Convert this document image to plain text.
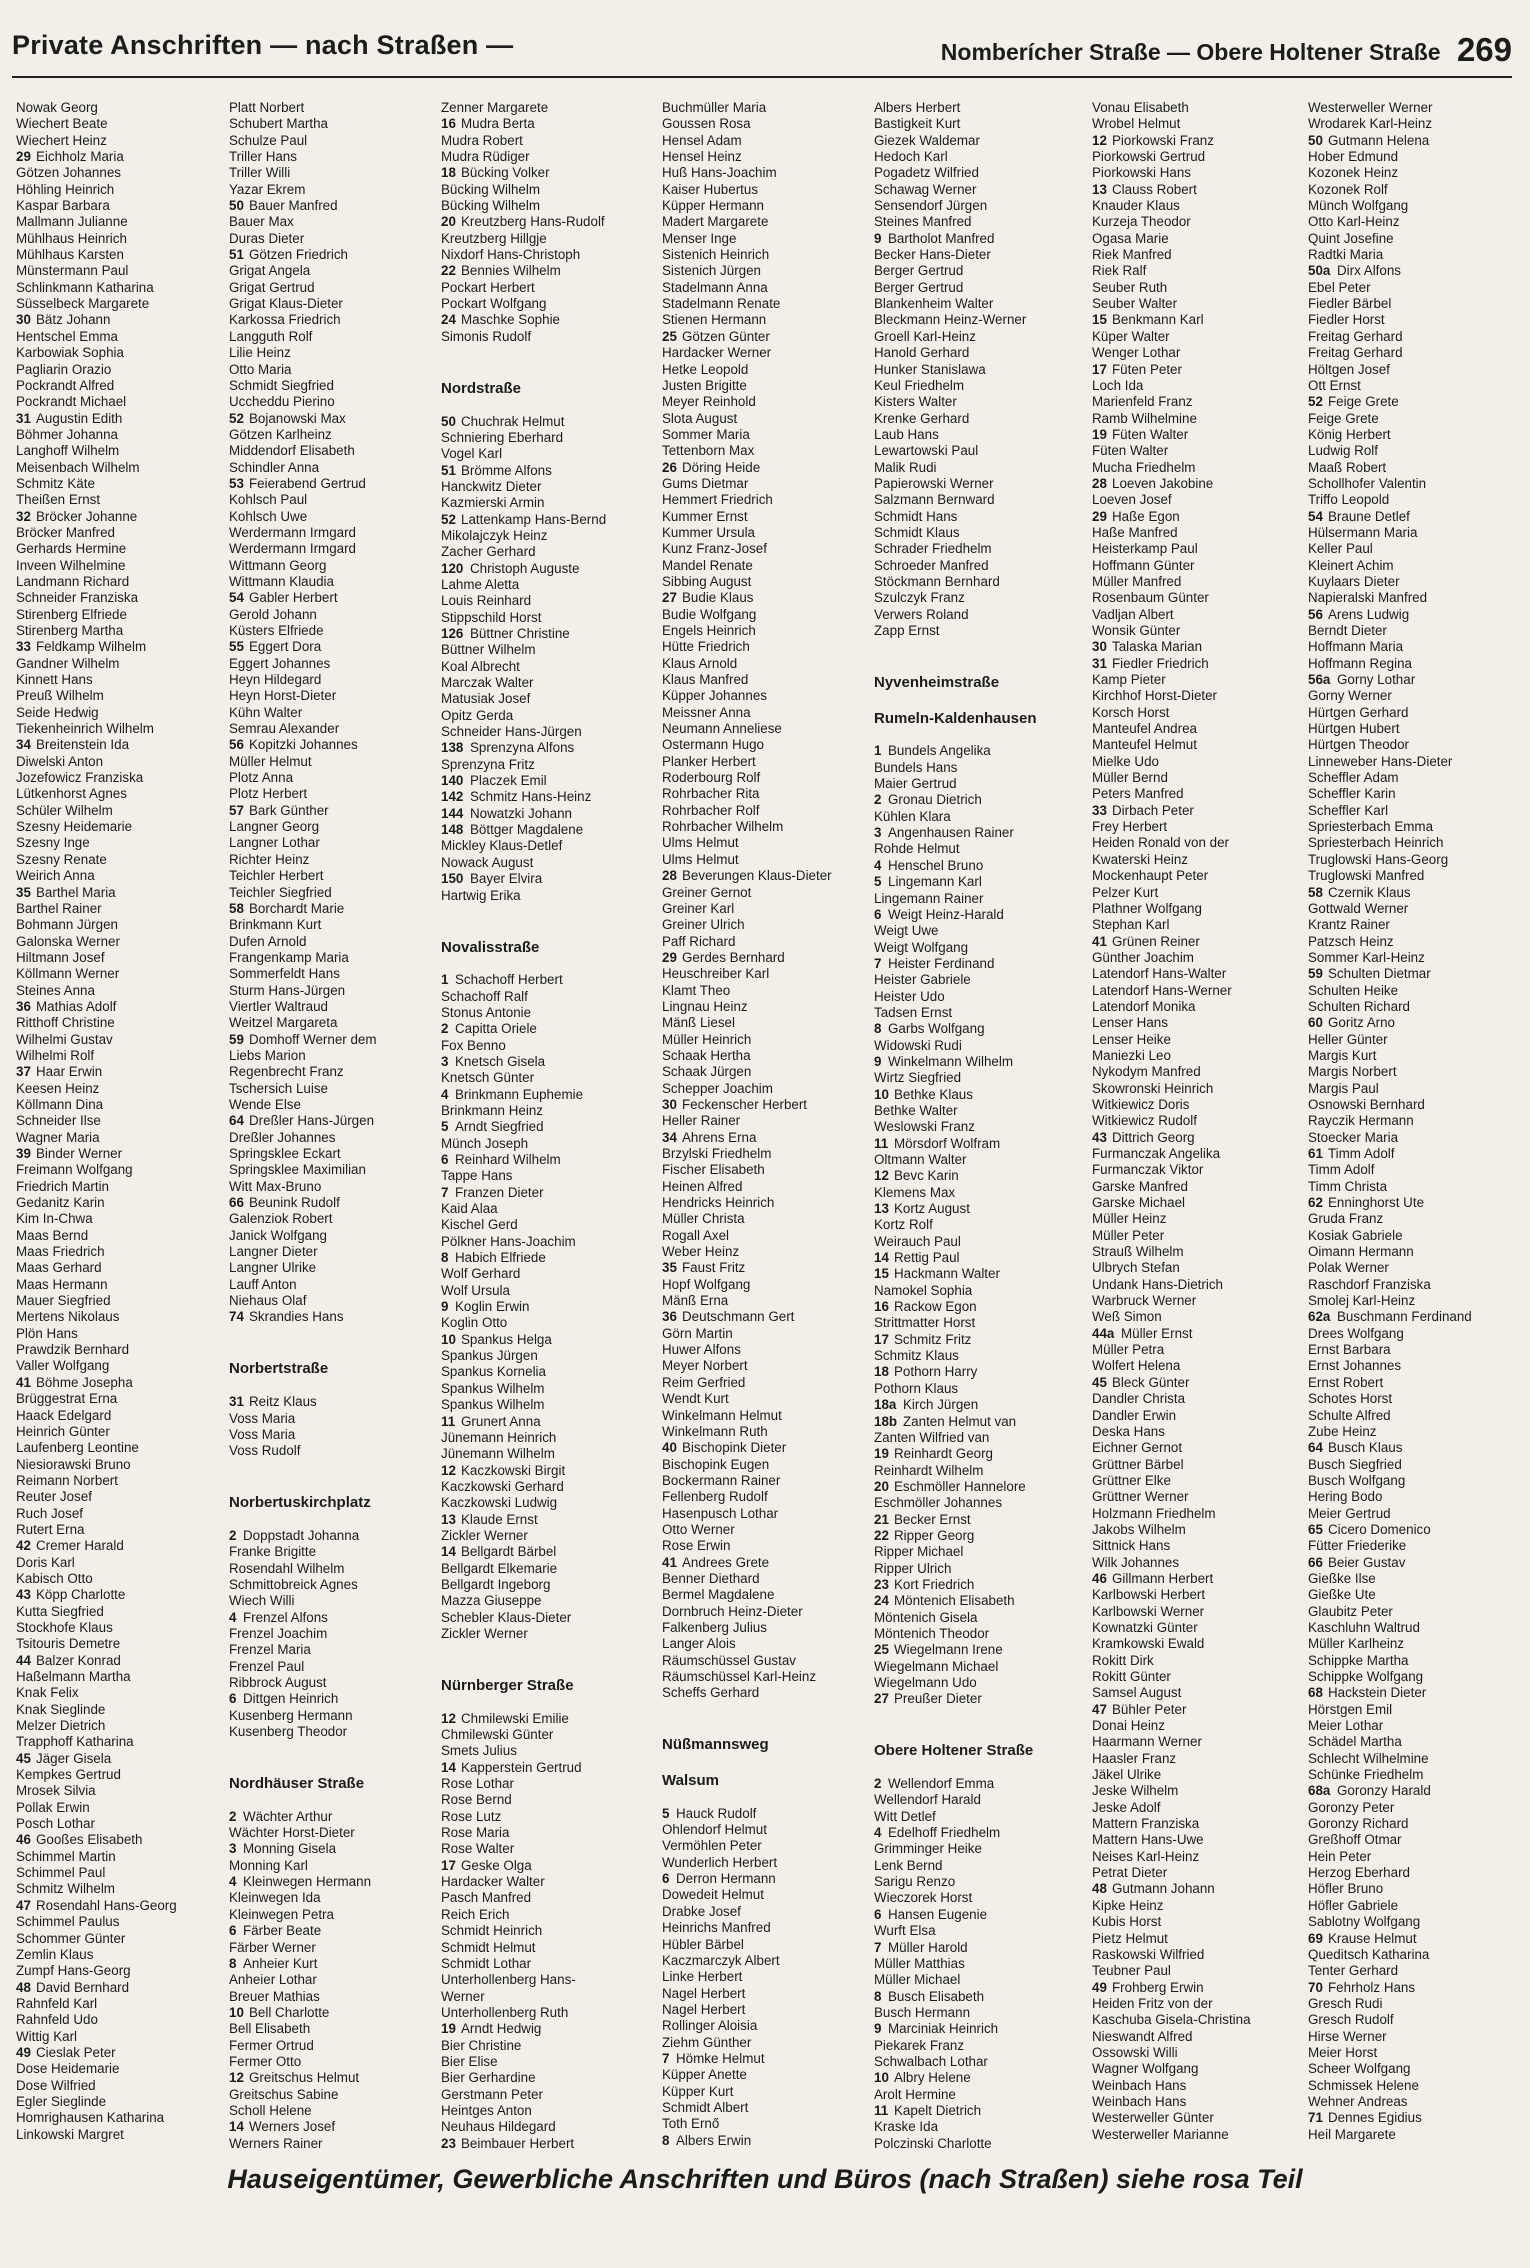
Private Anschriften — nach Straßen —	Nomberícher Straße — Obere Holtener Straße 269
Nowak Georg
Wiechert Beate
Wiechert Heinz
29 Eichholz Maria
Götzen Johannes
Höhling Heinrich
Kaspar Barbara
Mallmann Julianne
Mühlhaus Heinrich
Mühlhaus Karsten
Münstermann Paul
Schlinkmann Katharina
Süsselbeck Margarete
30 Bätz Johann
Hentschel Emma
Karbowiak Sophia
Pagliarin Orazio
Pockrandt Alfred
Pockrandt Michael
31 Augustin Edith
Böhmer Johanna
Langhoff Wilhelm
Meisenbach Wilhelm
Schmitz Käte
Theißen Ernst
32 Bröcker Johanne
Bröcker Manfred
Gerhards Hermine
Inveen Wilhelmine
Landmann Richard
Schneider Franziska
Stirenberg Elfriede
Stirenberg Martha
33 Feldkamp Wilhelm
Gandner Wilhelm
Kinnett Hans
Preuß Wilhelm
Seide Hedwig
Tiekenheinrich Wilhelm
34 Breitenstein Ida
Diwelski Anton
Jozefowicz Franziska
Lütkenhorst Agnes
Schüler Wilhelm
Szesny Heidemarie
Szesny Inge
Szesny Renate
Weirich Anna
35 Barthel Maria
Barthel Rainer
Bohmann Jürgen
Galonska Werner
Hiltmann Josef
Köllmann Werner
Steines Anna
36 Mathias Adolf
Ritthoff Christine
Wilhelmi Gustav
Wilhelmi Rolf
37 Haar Erwin
Keesen Heinz
Köllmann Dina
Schneider Ilse
Wagner Maria
39 Binder Werner
Freimann Wolfgang
Friedrich Martin
Gedanitz Karin
Kim In-Chwa
Maas Bernd
Maas Friedrich
Maas Gerhard
Maas Hermann
Mauer Siegfried
Mertens Nikolaus
Plön Hans
Prawdzik Bernhard
Valler Wolfgang
41 Böhme Josepha
Brüggestrat Erna
Haack Edelgard
Heinrich Günter
Laufenberg Leontine
Niesiorawski Bruno
Reimann Norbert
Reuter Josef
Ruch Josef
Rutert Erna
42 Cremer Harald
Doris Karl
Kabisch Otto
43 Köpp Charlotte
Kutta Siegfried
Stockhofe Klaus
Tsitouris Demetre
44 Balzer Konrad
Haßelmann Martha
Knak Felix
Knak Sieglinde
Melzer Dietrich
Trapphoff Katharina
45 Jäger Gisela
Kempkes Gertrud
Mrosek Silvia
Pollak Erwin
Posch Lothar
46 Gooßes Elisabeth
Schimmel Martin
Schimmel Paul
Schmitz Wilhelm
47 Rosendahl Hans-Georg
Schimmel Paulus
Schommer Günter
Zemlin Klaus
Zumpf Hans-Georg
48 David Bernhard
Rahnfeld Karl
Rahnfeld Udo
Wittig Karl
49 Cieslak Peter
Dose Heidemarie
Dose Wilfried
Egler Sieglinde
Homrighausen Katharina
Linkowski Margret
Platt Norbert
Schubert Martha
Schulze Paul
Triller Hans
Triller Willi
Yazar Ekrem
50 Bauer Manfred
Bauer Max
Duras Dieter
51 Götzen Friedrich
Grigat Angela
Grigat Gertrud
Grigat Klaus-Dieter
Karkossa Friedrich
Langguth Rolf
Lilie Heinz
Otto Maria
Schmidt Siegfried
Uccheddu Pierino
52 Bojanowski Max
Götzen Karlheinz
Middendorf Elisabeth
Schindler Anna
53 Feierabend Gertrud
Kohlsch Paul
Kohlsch Uwe
Werdermann Irmgard
Werdermann Irmgard
Wittmann Georg
Wittmann Klaudia
54 Gabler Herbert
Gerold Johann
Küsters Elfriede
55 Eggert Dora
Eggert Johannes
Heyn Hildegard
Heyn Horst-Dieter
Kühn Walter
Semrau Alexander
56 Kopitzki Johannes
Müller Helmut
Plotz Anna
Plotz Herbert
57 Bark Günther
Langner Georg
Langner Lothar
Richter Heinz
Teichler Herbert
Teichler Siegfried
58 Borchardt Marie
Brinkmann Kurt
Dufen Arnold
Frangenkamp Maria
Sommerfeldt Hans
Sturm Hans-Jürgen
Viertler Waltraud
Weitzel Margareta
59 Domhoff Werner dem
Liebs Marion
Regenbrecht Franz
Tschersich Luise
Wende Else
64 Dreßler Hans-Jürgen
Dreßler Johannes
Springsklee Eckart
Springsklee Maximilian
Witt Max-Bruno
66 Beunink Rudolf
Galenziok Robert
Janick Wolfgang
Langner Dieter
Langner Ulrike
Lauff Anton
Niehaus Olaf
74 Skrandies Hans
Norbertstraße
31 Reitz Klaus
Voss Maria
Voss Maria
Voss Rudolf
Norbertuskirchplatz
2 Doppstadt Johanna
Franke Brigitte
Rosendahl Wilhelm
Schmittobreick Agnes
Wiech Willi
4 Frenzel Alfons
Frenzel Joachim
Frenzel Maria
Frenzel Paul
Ribbrock August
6 Dittgen Heinrich
Kusenberg Hermann
Kusenberg Theodor
Nordhäuser Straße
2 Wächter Arthur
Wächter Horst-Dieter
3 Monning Gisela
Monning Karl
4 Kleinwegen Hermann
Kleinwegen Ida
Kleinwegen Petra
6 Färber Beate
Färber Werner
8 Anheier Kurt
Anheier Lothar
Breuer Mathias
10 Bell Charlotte
Bell Elisabeth
Fermer Ortrud
Fermer Otto
12 Greitschus Helmut
Greitschus Sabine
Scholl Helene
14 Werners Josef
Werners Rainer
Zenner Margarete
16 Mudra Berta
Mudra Robert
Mudra Rüdiger
18 Bücking Volker
Bücking Wilhelm
Bücking Wilhelm
20 Kreutzberg Hans-Rudolf
Kreutzberg Hillgje
Nixdorf Hans-Christoph
22 Bennies Wilhelm
Pockart Herbert
Pockart Wolfgang
24 Maschke Sophie
Simonis Rudolf
Nordstraße
50 Chuchrak Helmut
Schniering Eberhard
Vogel Karl
51 Brömme Alfons
Hanckwitz Dieter
Kazmierski Armin
52 Lattenkamp Hans-Bernd
Mikolajczyk Heinz
Zacher Gerhard
120 Christoph Auguste
Lahme Aletta
Louis Reinhard
Stippschild Horst
126 Büttner Christine
Büttner Wilhelm
Koal Albrecht
Marczak Walter
Matusiak Josef
Opitz Gerda
Schneider Hans-Jürgen
138 Sprenzyna Alfons
Sprenzyna Fritz
140 Placzek Emil
142 Schmitz Hans-Heinz
144 Nowatzki Johann
148 Böttger Magdalene
Mickley Klaus-Detlef
Nowack August
150 Bayer Elvira
Hartwig Erika
Novalisstraße
1 Schachoff Herbert
Schachoff Ralf
Stonus Antonie
2 Capitta Oriele
Fox Benno
3 Knetsch Gisela
Knetsch Günter
4 Brinkmann Euphemie
Brinkmann Heinz
5 Arndt Siegfried
Münch Joseph
6 Reinhard Wilhelm
Tappe Hans
7 Franzen Dieter
Kaid Alaa
Kischel Gerd
Pölkner Hans-Joachim
8 Habich Elfriede
Wolf Gerhard
Wolf Ursula
9 Koglin Erwin
Koglin Otto
10 Spankus Helga
Spankus Jürgen
Spankus Kornelia
Spankus Wilhelm
Spankus Wilhelm
11 Grunert Anna
Jünemann Heinrich
Jünemann Wilhelm
12 Kaczkowski Birgit
Kaczkowski Gerhard
Kaczkowski Ludwig
13 Klaude Ernst
Zickler Werner
14 Bellgardt Bärbel
Bellgardt Elkemarie
Bellgardt Ingeborg
Mazza Giuseppe
Schebler Klaus-Dieter
Zickler Werner
Nürnberger Straße
12 Chmilewski Emilie
Chmilewski Günter
Smets Julius
14 Kapperstein Gertrud
Rose Lothar
Rose Bernd
Rose Lutz
Rose Maria
Rose Walter
17 Geske Olga
Hardacker Walter
Pasch Manfred
Reich Erich
Schmidt Heinrich
Schmidt Helmut
Schmidt Lothar
Unterhollenberg Hans-
Werner
Unterhollenberg Ruth
19 Arndt Hedwig
Bier Christine
Bier Elise
Bier Gerhardine
Gerstmann Peter
Heintges Anton
Neuhaus Hildegard
23 Beimbauer Herbert
Buchmüller Maria
Goussen Rosa
Hensel Adam
Hensel Heinz
Huß Hans-Joachim
Kaiser Hubertus
Küpper Hermann
Madert Margarete
Menser Inge
Sistenich Heinrich
Sistenich Jürgen
Stadelmann Anna
Stadelmann Renate
Stienen Hermann
25 Götzen Günter
Hardacker Werner
Hetke Leopold
Justen Brigitte
Meyer Reinhold
Slota August
Sommer Maria
Tettenborn Max
26 Döring Heide
Gums Dietmar
Hemmert Friedrich
Kummer Ernst
Kummer Ursula
Kunz Franz-Josef
Mandel Renate
Sibbing August
27 Budie Klaus
Budie Wolfgang
Engels Heinrich
Hütte Friedrich
Klaus Arnold
Klaus Manfred
Küpper Johannes
Meissner Anna
Neumann Anneliese
Ostermann Hugo
Planker Herbert
Roderbourg Rolf
Rohrbacher Rita
Rohrbacher Rolf
Rohrbacher Wilhelm
Ulms Helmut
Ulms Helmut
28 Beverungen Klaus-Dieter
Greiner Gernot
Greiner Karl
Greiner Ulrich
Paff Richard
29 Gerdes Bernhard
Heuschreiber Karl
Klamt Theo
Lingnau Heinz
Mänß Liesel
Müller Heinrich
Schaak Hertha
Schaak Jürgen
Schepper Joachim
30 Feckenscher Herbert
Heller Rainer
34 Ahrens Erna
Brzylski Friedhelm
Fischer Elisabeth
Heinen Alfred
Hendricks Heinrich
Müller Christa
Rogall Axel
Weber Heinz
35 Faust Fritz
Hopf Wolfgang
Mänß Erna
36 Deutschmann Gert
Görn Martin
Huwer Alfons
Meyer Norbert
Reim Gerfried
Wendt Kurt
Winkelmann Helmut
Winkelmann Ruth
40 Bischopink Dieter
Bischopink Eugen
Bockermann Rainer
Fellenberg Rudolf
Hasenpusch Lothar
Otto Werner
Rose Erwin
41 Andrees Grete
Benner Diethard
Bermel Magdalene
Dornbruch Heinz-Dieter
Falkenberg Julius
Langer Alois
Räumschüssel Gustav
Räumschüssel Karl-Heinz
Scheffs Gerhard
Nüßmannsweg
Walsum
5 Hauck Rudolf
Ohlendorf Helmut
Vermöhlen Peter
Wunderlich Herbert
6 Derron Hermann
Dowedeit Helmut
Drabke Josef
Heinrichs Manfred
Hübler Bärbel
Kaczmarczyk Albert
Linke Herbert
Nagel Herbert
Nagel Herbert
Rollinger Aloisia
Ziehm Günther
7 Hömke Helmut
Küpper Anette
Küpper Kurt
Schmidt Albert
Toth Ernő
8 Albers Erwin
Albers Herbert
Bastigkeit Kurt
Giezek Waldemar
Hedoch Karl
Pogadetz Wilfried
Schawag Werner
Sensendorf Jürgen
Steines Manfred
9 Bartholot Manfred
Becker Hans-Dieter
Berger Gertrud
Berger Gertrud
Blankenheim Walter
Bleckmann Heinz-Werner
Groell Karl-Heinz
Hanold Gerhard
Hunker Stanislawa
Keul Friedhelm
Kisters Walter
Krenke Gerhard
Laub Hans
Lewartowski Paul
Malik Rudi
Papierowski Werner
Salzmann Bernward
Schmidt Hans
Schmidt Klaus
Schrader Friedhelm
Schroeder Manfred
Stöckmann Bernhard
Szulczyk Franz
Verwers Roland
Zapp Ernst
Nyvenheimstraße
Rumeln-Kaldenhausen
1 Bundels Angelika
Bundels Hans
Maier Gertrud
2 Gronau Dietrich
Kühlen Klara
3 Angenhausen Rainer
Rohde Helmut
4 Henschel Bruno
5 Lingemann Karl
Lingemann Rainer
6 Weigt Heinz-Harald
Weigt Uwe
Weigt Wolfgang
7 Heister Ferdinand
Heister Gabriele
Heister Udo
Tadsen Ernst
8 Garbs Wolfgang
Widowski Rudi
9 Winkelmann Wilhelm
Wirtz Siegfried
10 Bethke Klaus
Bethke Walter
Weslowski Franz
11 Mörsdorf Wolfram
Oltmann Walter
12 Bevc Karin
Klemens Max
13 Kortz August
Kortz Rolf
Weirauch Paul
14 Rettig Paul
15 Hackmann Walter
Namokel Sophia
16 Rackow Egon
Strittmatter Horst
17 Schmitz Fritz
Schmitz Klaus
18 Pothorn Harry
Pothorn Klaus
18a Kirch Jürgen
18b Zanten Helmut van
Zanten Wilfried van
19 Reinhardt Georg
Reinhardt Wilhelm
20 Eschmöller Hannelore
Eschmöller Johannes
21 Becker Ernst
22 Ripper Georg
Ripper Michael
Ripper Ulrich
23 Kort Friedrich
24 Möntenich Elisabeth
Möntenich Gisela
Möntenich Theodor
25 Wiegelmann Irene
Wiegelmann Michael
Wiegelmann Udo
27 Preußer Dieter
Obere Holtener Straße
2 Wellendorf Emma
Wellendorf Harald
Witt Detlef
4 Edelhoff Friedhelm
Grimminger Heike
Lenk Bernd
Sarigu Renzo
Wieczorek Horst
6 Hansen Eugenie
Wurft Elsa
7 Müller Harold
Müller Matthias
Müller Michael
8 Busch Elisabeth
Busch Hermann
9 Marciniak Heinrich
Piekarek Franz
Schwalbach Lothar
10 Albry Helene
Arolt Hermine
11 Kapelt Dietrich
Kraske Ida
Polczinski Charlotte
Vonau Elisabeth
Wrobel Helmut
12 Piorkowski Franz
Piorkowski Gertrud
Piorkowski Hans
13 Clauss Robert
Knauder Klaus
Kurzeja Theodor
Ogasa Marie
Riek Manfred
Riek Ralf
Seuber Ruth
Seuber Walter
15 Benkmann Karl
Küper Walter
Wenger Lothar
17 Füten Peter
Loch Ida
Marienfeld Franz
Ramb Wilhelmine
19 Füten Walter
Füten Walter
Mucha Friedhelm
28 Loeven Jakobine
Loeven Josef
29 Haße Egon
Haße Manfred
Heisterkamp Paul
Hoffmann Günter
Müller Manfred
Rosenbaum Günter
Vadljan Albert
Wonsik Günter
30 Talaska Marian
31 Fiedler Friedrich
Kamp Pieter
Kirchhof Horst-Dieter
Korsch Horst
Manteufel Andrea
Manteufel Helmut
Mielke Udo
Müller Bernd
Peters Manfred
33 Dirbach Peter
Frey Herbert
Heiden Ronald von der
Kwaterski Heinz
Mockenhaupt Peter
Pelzer Kurt
Plathner Wolfgang
Stephan Karl
41 Grünen Reiner
Günther Joachim
Latendorf Hans-Walter
Latendorf Hans-Werner
Latendorf Monika
Lenser Hans
Lenser Heike
Maniezki Leo
Nykodym Manfred
Skowronski Heinrich
Witkiewicz Doris
Witkiewicz Rudolf
43 Dittrich Georg
Furmanczak Angelika
Furmanczak Viktor
Garske Manfred
Garske Michael
Müller Heinz
Müller Peter
Strauß Wilhelm
Ulbrych Stefan
Undank Hans-Dietrich
Warbruck Werner
Weß Simon
44a Müller Ernst
Müller Petra
Wolfert Helena
45 Bleck Günter
Dandler Christa
Dandler Erwin
Deska Hans
Eichner Gernot
Grüttner Bärbel
Grüttner Elke
Grüttner Werner
Holzmann Friedhelm
Jakobs Wilhelm
Sittnick Hans
Wilk Johannes
46 Gillmann Herbert
Karlbowski Herbert
Karlbowski Werner
Kownatzki Günter
Kramkowski Ewald
Rokitt Dirk
Rokitt Günter
Samsel August
47 Bühler Peter
Donai Heinz
Haarmann Werner
Haasler Franz
Jäkel Ulrike
Jeske Wilhelm
Jeske Adolf
Mattern Franziska
Mattern Hans-Uwe
Neises Karl-Heinz
Petrat Dieter
48 Gutmann Johann
Kipke Heinz
Kubis Horst
Pietz Helmut
Raskowski Wilfried
Teubner Paul
49 Frohberg Erwin
Heiden Fritz von der
Kaschuba Gisela-Christina
Nieswandt Alfred
Ossowski Willi
Wagner Wolfgang
Weinbach Hans
Weinbach Hans
Westerweller Günter
Westerweller Marianne
Westerweller Werner
Wrodarek Karl-Heinz
50 Gutmann Helena
Hober Edmund
Kozonek Heinz
Kozonek Rolf
Münch Wolfgang
Otto Karl-Heinz
Quint Josefine
Radtki Maria
50a Dirx Alfons
Ebel Peter
Fiedler Bärbel
Fiedler Horst
Freitag Gerhard
Freitag Gerhard
Höltgen Josef
Ott Ernst
52 Feige Grete
Feige Grete
König Herbert
Ludwig Rolf
Maaß Robert
Schollhofer Valentin
Triffo Leopold
54 Braune Detlef
Hülsermann Maria
Keller Paul
Kleinert Achim
Kuylaars Dieter
Napieralski Manfred
56 Arens Ludwig
Berndt Dieter
Hoffmann Maria
Hoffmann Regina
56a Gorny Lothar
Gorny Werner
Hürtgen Gerhard
Hürtgen Hubert
Hürtgen Theodor
Linneweber Hans-Dieter
Scheffler Adam
Scheffler Karin
Scheffler Karl
Spriesterbach Emma
Spriesterbach Heinrich
Truglowski Hans-Georg
Truglowski Manfred
58 Czernik Klaus
Gottwald Werner
Krantz Rainer
Patzsch Heinz
Sommer Karl-Heinz
59 Schulten Dietmar
Schulten Heike
Schulten Richard
60 Goritz Arno
Heller Günter
Margis Kurt
Margis Norbert
Margis Paul
Osnowski Bernhard
Rayczik Hermann
Stoecker Maria
61 Timm Adolf
Timm Adolf
Timm Christa
62 Enninghorst Ute
Gruda Franz
Kosiak Gabriele
Oimann Hermann
Polak Werner
Raschdorf Franziska
Smolej Karl-Heinz
62a Buschmann Ferdinand
Drees Wolfgang
Ernst Barbara
Ernst Johannes
Ernst Robert
Schotes Horst
Schulte Alfred
Zube Heinz
64 Busch Klaus
Busch Siegfried
Busch Wolfgang
Hering Bodo
Meier Gertrud
65 Cicero Domenico
Fütter Friederike
66 Beier Gustav
Gießke Ilse
Gießke Ute
Glaubitz Peter
Kaschluhn Waltrud
Müller Karlheinz
Schippke Martha
Schippke Wolfgang
68 Hackstein Dieter
Hörstgen Emil
Meier Lothar
Schädel Martha
Schlecht Wilhelmine
Schünke Friedhelm
68a Goronzy Harald
Goronzy Peter
Goronzy Richard
Greßhoff Otmar
Hein Peter
Herzog Eberhard
Höfler Bruno
Höfler Gabriele
Sablotny Wolfgang
69 Krause Helmut
Queditsch Katharina
Tenter Gerhard
70 Fehrholz Hans
Gresch Rudi
Gresch Rudolf
Hirse Werner
Meier Horst
Scheer Wolfgang
Schmissek Helene
Wehner Andreas
71 Dennes Egidius
Heil Margarete
Hauseigentümer, Gewerbliche Anschriften und Büros (nach Straßen) siehe rosa Teil
